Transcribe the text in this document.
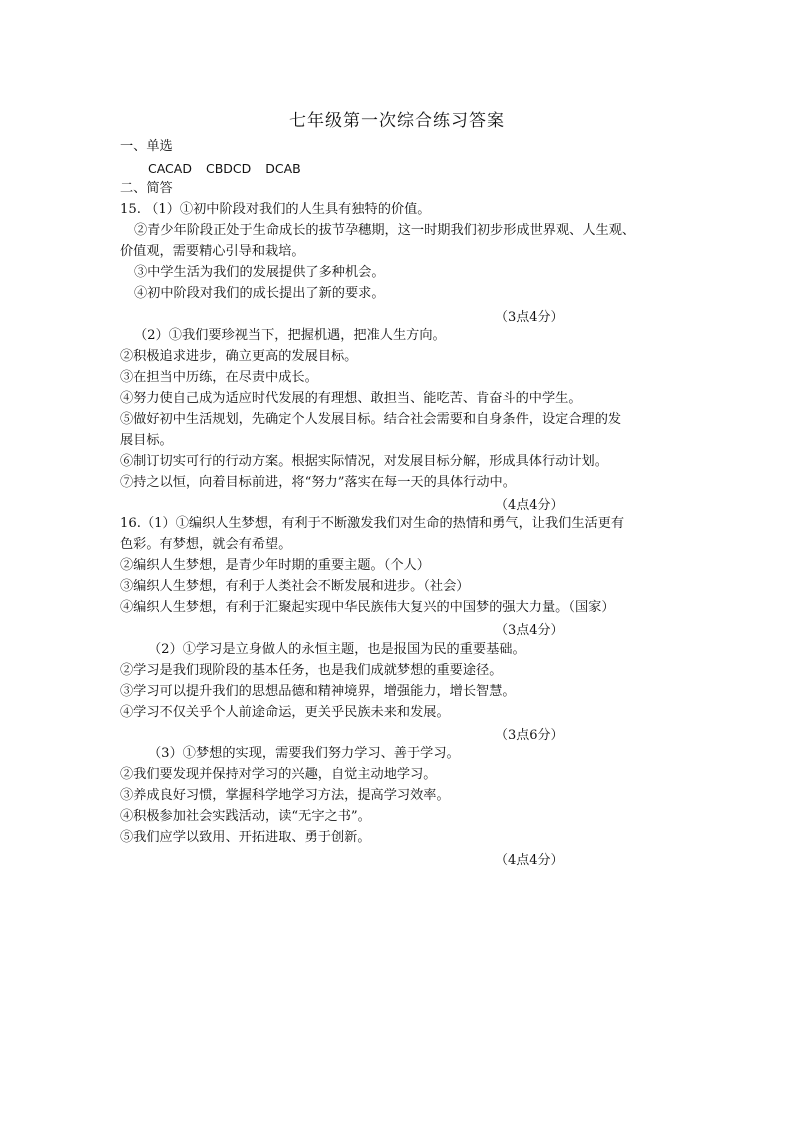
七年级第一次综合练习答案
一、单选
CACAD CBDCD DCAB
二、简答
15. （1）①初中阶段对我们的人生具有独特的价值。
②青少年阶段正处于生命成长的拔节孕穗期，这一时期我们初步形成世界观、人生观、
价值观，需要精心引导和栽培。
③中学生活为我们的发展提供了多种机会。
④初中阶段对我们的成长提出了新的要求。
（3点4分）
（2）①我们要珍视当下，把握机遇，把准人生方向。
②积极追求进步，确立更高的发展目标。
③在担当中历练，在尽责中成长。
④努力使自己成为适应时代发展的有理想、敢担当、能吃苦、肯奋斗的中学生。
⑤做好初中生活规划，先确定个人发展目标。结合社会需要和自身条件，设定合理的发
展目标。
⑥制订切实可行的行动方案。根据实际情况，对发展目标分解，形成具体行动计划。
⑦持之以恒，向着目标前进，将“努力”落实在每一天的具体行动中。
（4点4分）
16.（1）①编织人生梦想，有利于不断激发我们对生命的热情和勇气，让我们生活更有
色彩。有梦想，就会有希望。
②编织人生梦想，是青少年时期的重要主题。（个人）
③编织人生梦想，有利于人类社会不断发展和进步。（社会）
④编织人生梦想，有利于汇聚起实现中华民族伟大复兴的中国梦的强大力量。（国家）
（3点4分）
（2）①学习是立身做人的永恒主题，也是报国为民的重要基础。
②学习是我们现阶段的基本任务，也是我们成就梦想的重要途径。
③学习可以提升我们的思想品德和精神境界，增强能力，增长智慧。
④学习不仅关乎个人前途命运，更关乎民族未来和发展。
（3点6分）
（3）①梦想的实现，需要我们努力学习、善于学习。
②我们要发现并保持对学习的兴趣，自觉主动地学习。
③养成良好习惯，掌握科学地学习方法，提高学习效率。
④积极参加社会实践活动，读“无字之书”。
⑤我们应学以致用、开拓进取、勇于创新。
（4点4分）
